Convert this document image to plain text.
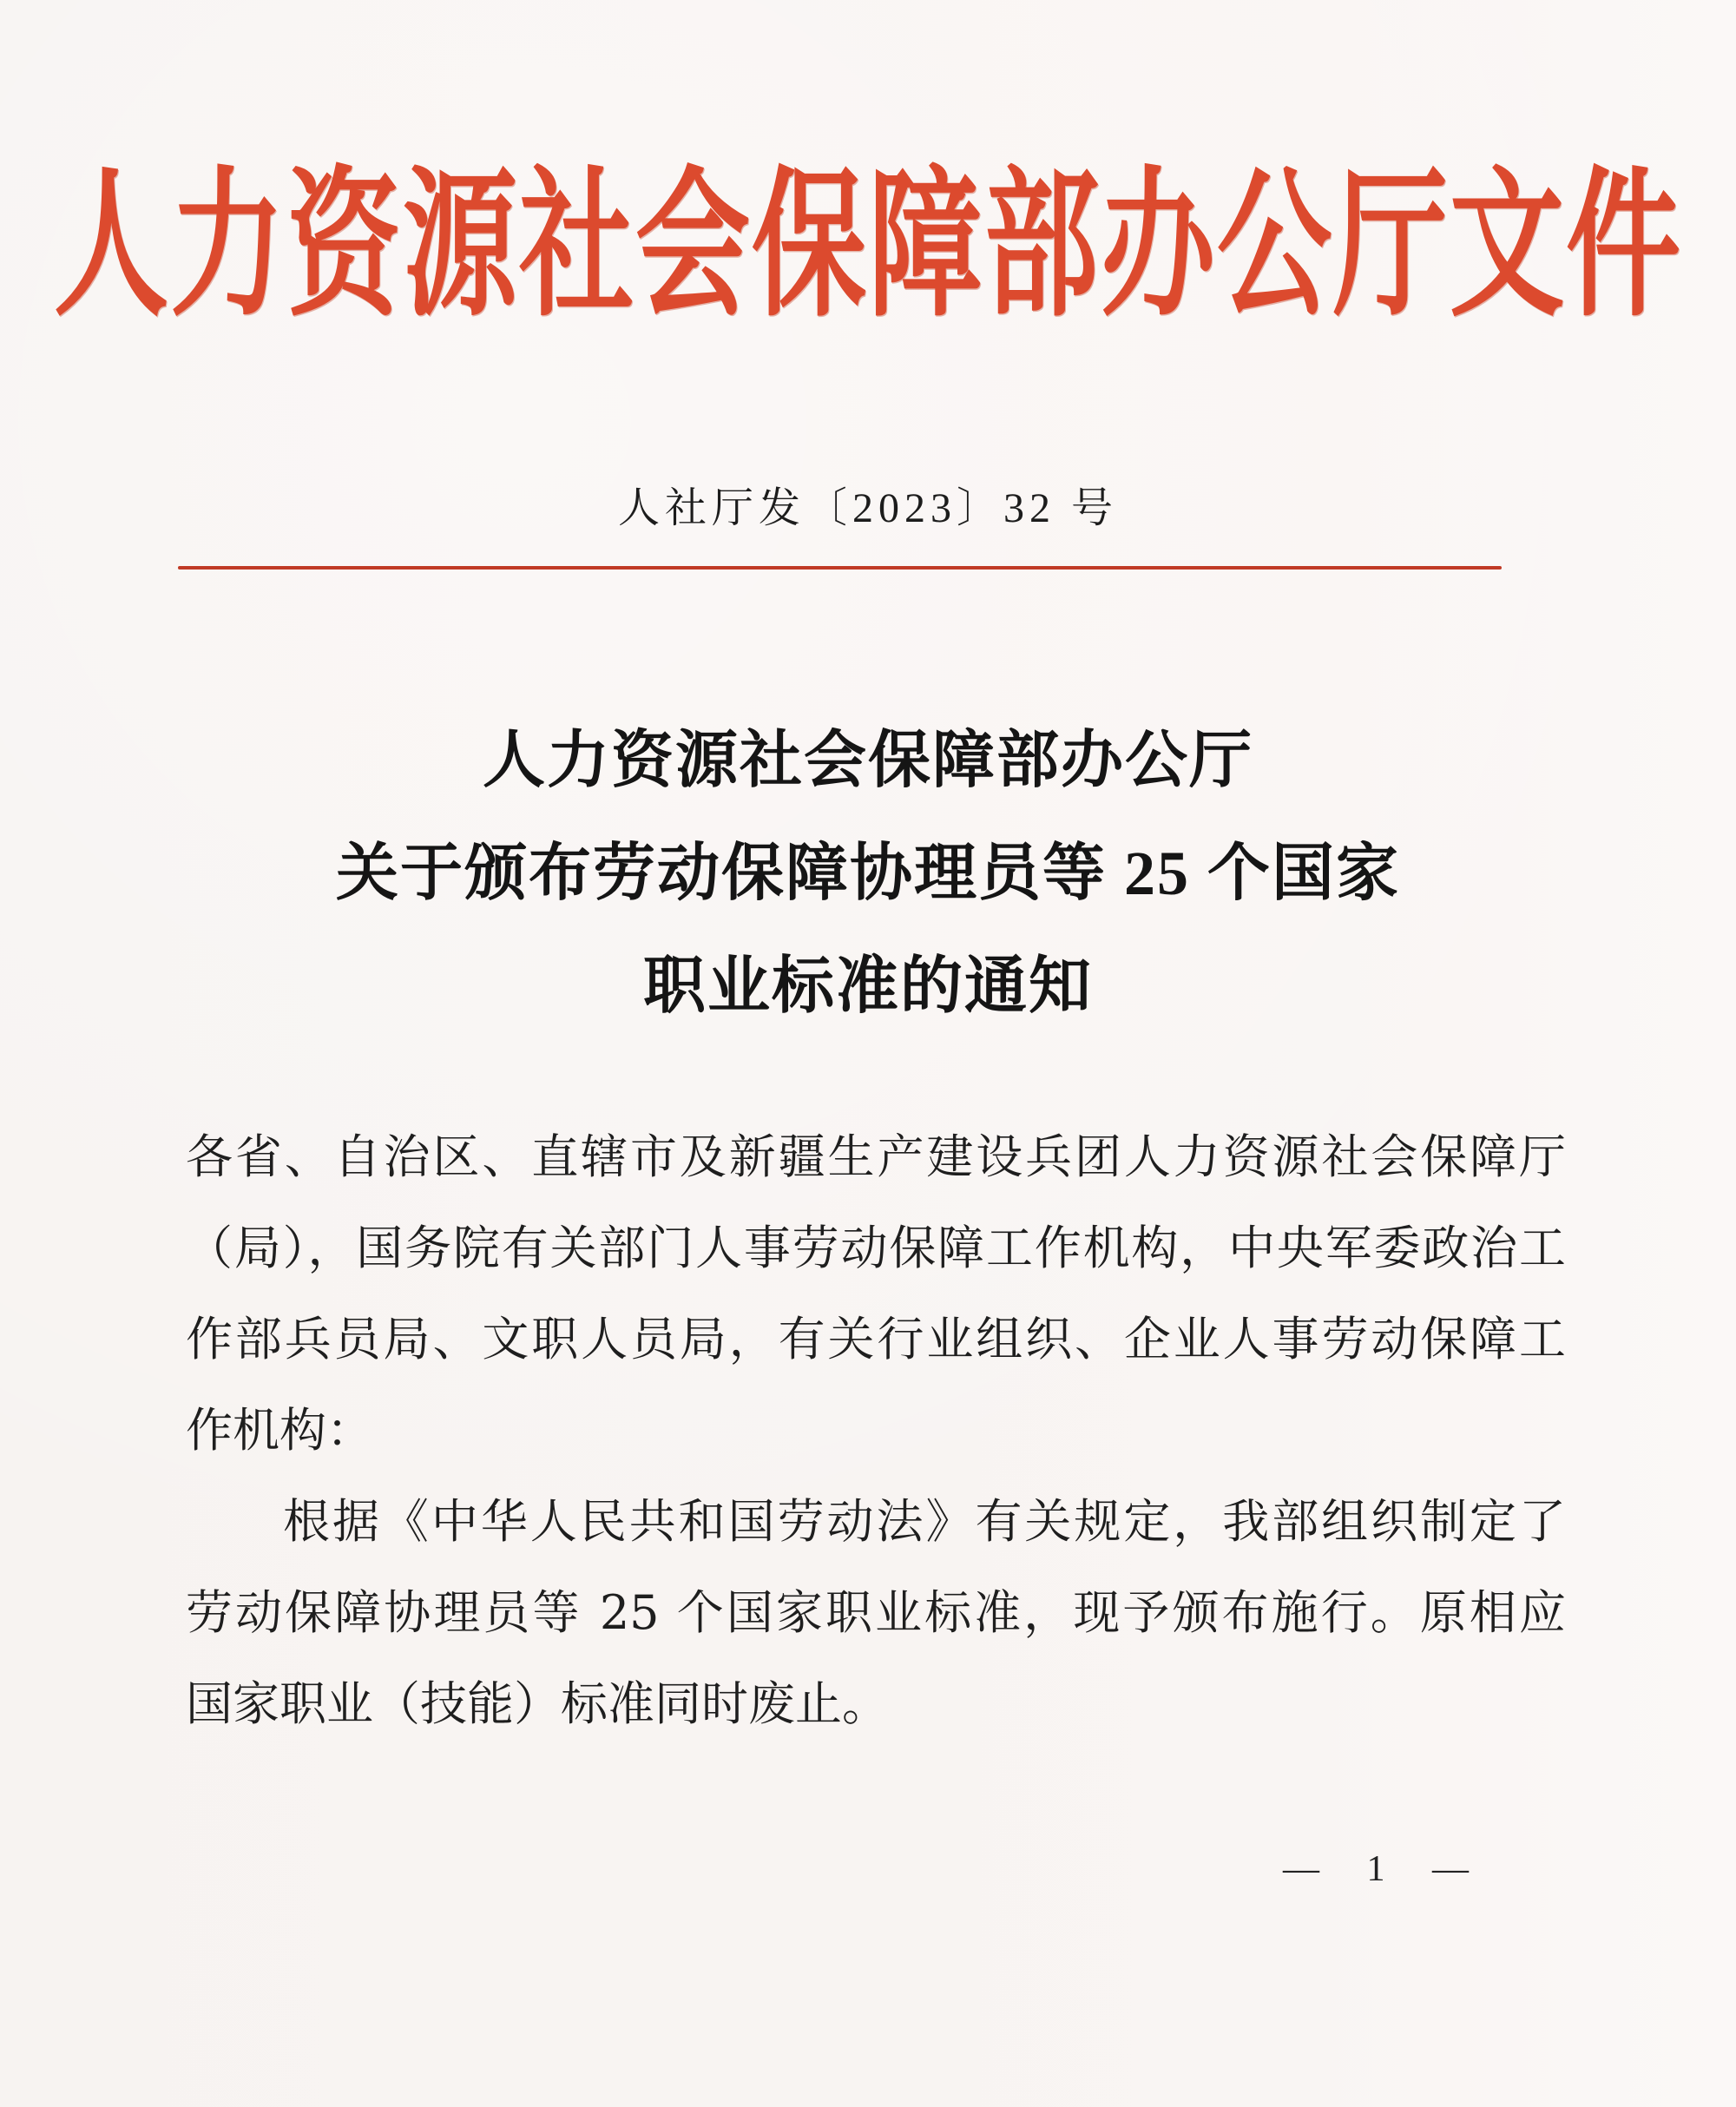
人力资源社会保障部办公厅文件
人社厅发〔2023〕32 号
人力资源社会保障部办公厅
关于颁布劳动保障协理员等 25 个国家
职业标准的通知
各省、自治区、直辖市及新疆生产建设兵团人力资源社会保障厅
（局），国务院有关部门人事劳动保障工作机构，中央军委政治工
作部兵员局、文职人员局，有关行业组织、企业人事劳动保障工
作机构：
根据《中华人民共和国劳动法》有关规定，我部组织制定了
劳动保障协理员等 25 个国家职业标准，现予颁布施行。原相应
国家职业（技能）标准同时废止。
— 1 —
